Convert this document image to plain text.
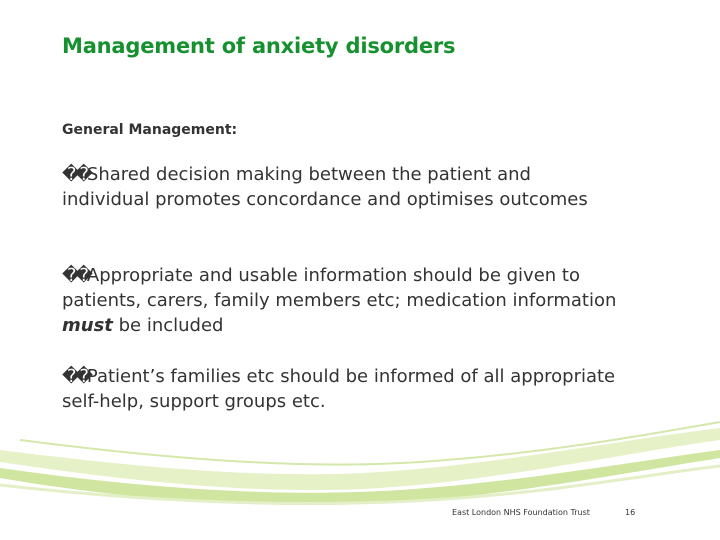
Management of anxiety disorders
General Management:
��Shared decision making between the patient and individual promotes concordance and optimises outcomes
��Appropriate and usable information should be given to patients, carers, family members etc; medication information must be included
��Patient’s families etc should be informed of all appropriate self-help, support groups etc.
East London NHS Foundation Trust	16
